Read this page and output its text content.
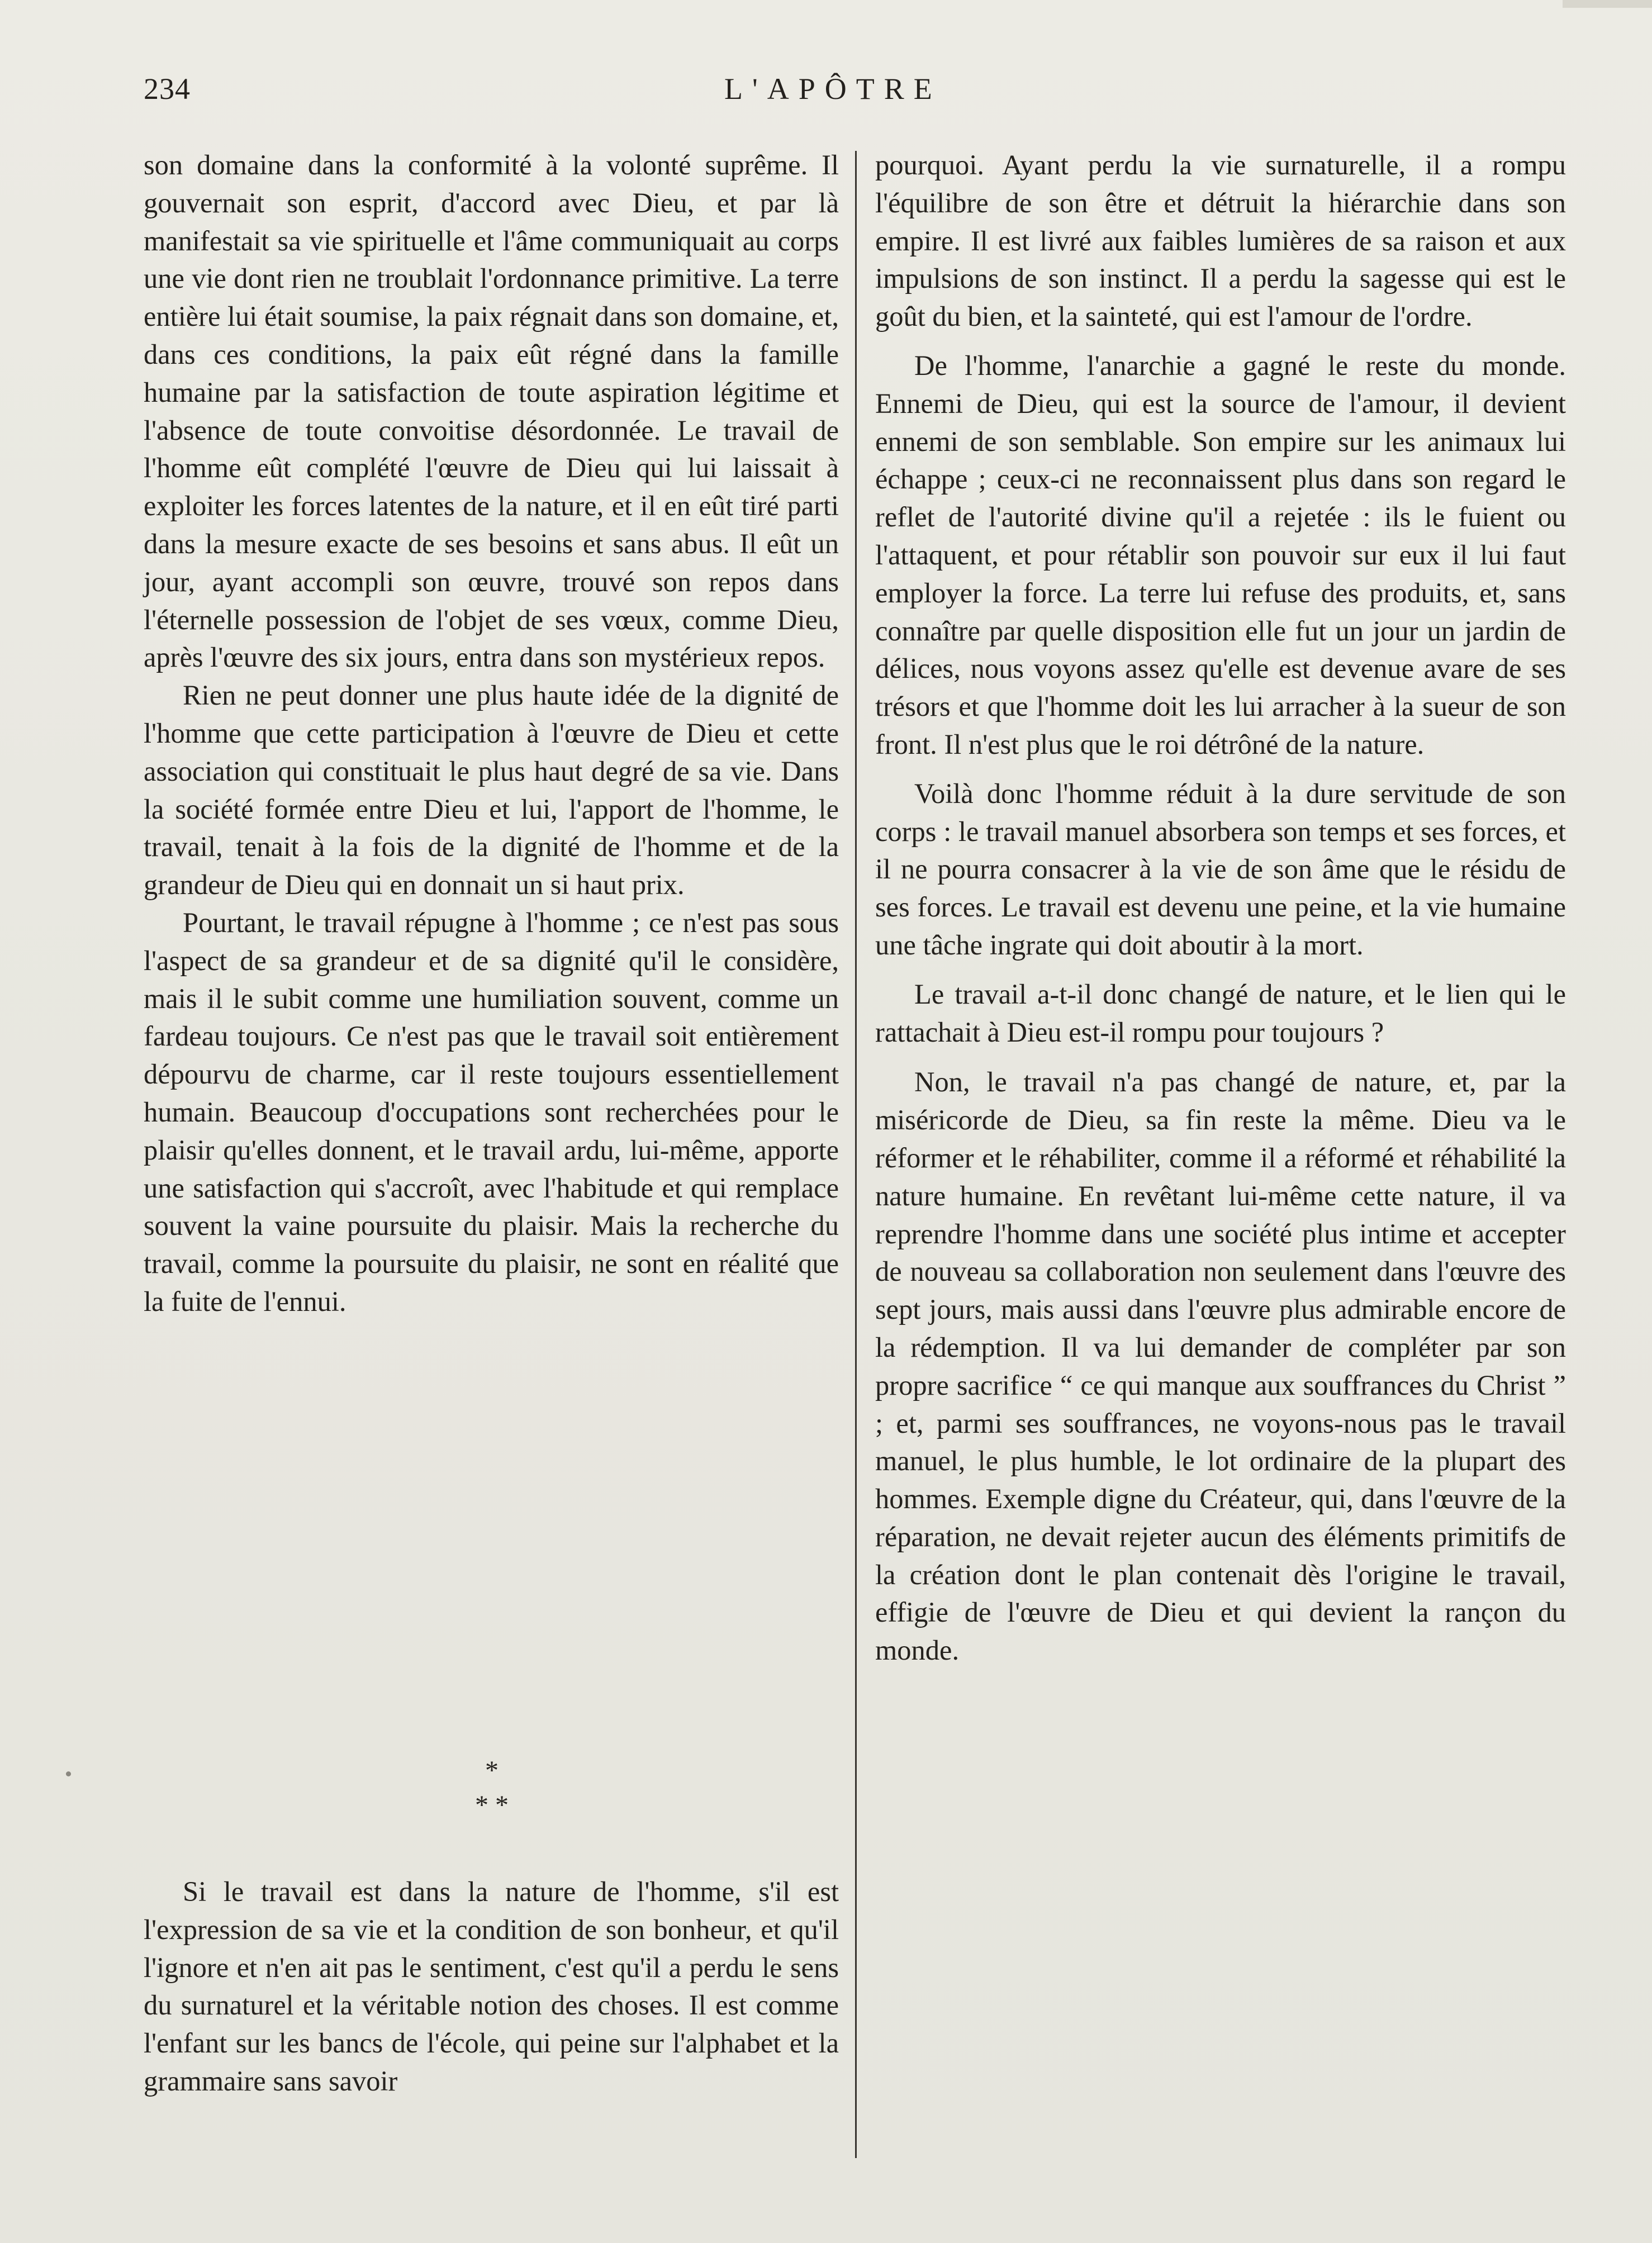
234	L'APÔTRE

son domaine dans la conformité à la volonté suprême. Il gouvernait son esprit, d'accord avec Dieu, et par là manifestait sa vie spirituelle et l'âme communiquait au corps une vie dont rien ne troublait l'ordonnance primitive. La terre entière lui était soumise, la paix régnait dans son domaine, et, dans ces conditions, la paix eût régné dans la famille humaine par la satisfaction de toute aspiration légitime et l'absence de toute convoitise désordonnée. Le travail de l'homme eût complété l'œuvre de Dieu qui lui laissait à exploiter les forces latentes de la nature, et il en eût tiré parti dans la mesure exacte de ses besoins et sans abus. Il eût un jour, ayant accompli son œuvre, trouvé son repos dans l'éternelle possession de l'objet de ses vœux, comme Dieu, après l'œuvre des six jours, entra dans son mystérieux repos.

Rien ne peut donner une plus haute idée de la dignité de l'homme que cette participation à l'œuvre de Dieu et cette association qui constituait le plus haut degré de sa vie. Dans la société formée entre Dieu et lui, l'apport de l'homme, le travail, tenait à la fois de la dignité de l'homme et de la grandeur de Dieu qui en donnait un si haut prix.

Pourtant, le travail répugne à l'homme ; ce n'est pas sous l'aspect de sa grandeur et de sa dignité qu'il le considère, mais il le subit comme une humiliation souvent, comme un fardeau toujours. Ce n'est pas que le travail soit entièrement dépourvu de charme, car il reste toujours essentiellement humain. Beaucoup d'occupations sont recherchées pour le plaisir qu'elles donnent, et le travail ardu, lui-même, apporte une satisfaction qui s'accroît, avec l'habitude et qui remplace souvent la vaine poursuite du plaisir. Mais la recherche du travail, comme la poursuite du plaisir, ne sont en réalité que la fuite de l'ennui.

*
* *

Si le travail est dans la nature de l'homme, s'il est l'expression de sa vie et la condition de son bonheur, et qu'il l'ignore et n'en ait pas le sentiment, c'est qu'il a perdu le sens du surnaturel et la véritable notion des choses. Il est comme l'enfant sur les bancs de l'école, qui peine sur l'alphabet et la grammaire sans savoir

pourquoi. Ayant perdu la vie surnaturelle, il a rompu l'équilibre de son être et détruit la hiérarchie dans son empire. Il est livré aux faibles lumières de sa raison et aux impulsions de son instinct. Il a perdu la sagesse qui est le goût du bien, et la sainteté, qui est l'amour de l'ordre.

De l'homme, l'anarchie a gagné le reste du monde. Ennemi de Dieu, qui est la source de l'amour, il devient ennemi de son semblable. Son empire sur les animaux lui échappe ; ceux-ci ne reconnaissent plus dans son regard le reflet de l'autorité divine qu'il a rejetée : ils le fuient ou l'attaquent, et pour rétablir son pouvoir sur eux il lui faut employer la force. La terre lui refuse des produits, et, sans connaître par quelle disposition elle fut un jour un jardin de délices, nous voyons assez qu'elle est devenue avare de ses trésors et que l'homme doit les lui arracher à la sueur de son front. Il n'est plus que le roi détrôné de la nature.

Voilà donc l'homme réduit à la dure servitude de son corps : le travail manuel absorbera son temps et ses forces, et il ne pourra consacrer à la vie de son âme que le résidu de ses forces. Le travail est devenu une peine, et la vie humaine une tâche ingrate qui doit aboutir à la mort.

Le travail a-t-il donc changé de nature, et le lien qui le rattachait à Dieu est-il rompu pour toujours ?

Non, le travail n'a pas changé de nature, et, par la miséricorde de Dieu, sa fin reste la même. Dieu va le réformer et le réhabiliter, comme il a réformé et réhabilité la nature humaine. En revêtant lui-même cette nature, il va reprendre l'homme dans une société plus intime et accepter de nouveau sa collaboration non seulement dans l'œuvre des sept jours, mais aussi dans l'œuvre plus admirable encore de la rédemption. Il va lui demander de compléter par son propre sacrifice “ ce qui manque aux souffrances du Christ ” ; et, parmi ses souffrances, ne voyons-nous pas le travail manuel, le plus humble, le lot ordinaire de la plupart des hommes. Exemple digne du Créateur, qui, dans l'œuvre de la réparation, ne devait rejeter aucun des éléments primitifs de la création dont le plan contenait dès l'origine le travail, effigie de l'œuvre de Dieu et qui devient la rançon du monde.
